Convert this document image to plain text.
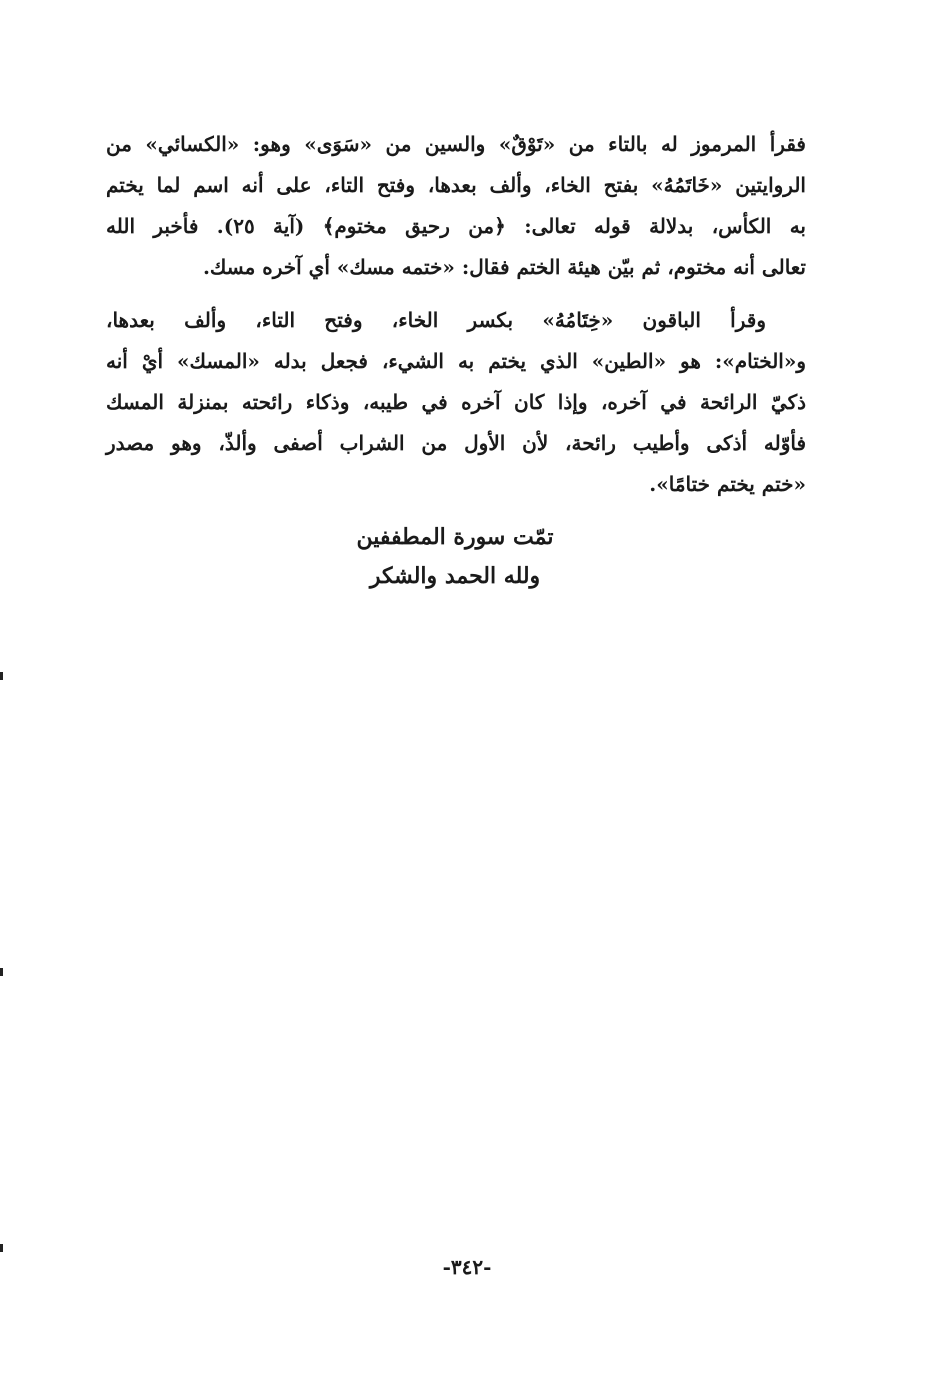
فقرأ المرموز له بالتاء من «تَوْقٌ» والسين من «سَوَى» وهو: «الكسائي» من
الروايتين «خَاتَمُهُ» بفتح الخاء، وألف بعدها، وفتح التاء، على أنه اسم لما يختم
به الكأس، بدلالة قوله تعالى: ﴿من رحيق مختوم﴾ (آية ٢٥). فأخبر الله
تعالى أنه مختوم، ثم بيّن هيئة الختم فقال: «ختمه مسك» أي آخره مسك.

وقرأ الباقون «خِتَامُهُ» بكسر الخاء، وفتح التاء، وألف بعدها،
و«الختام»: هو «الطين» الذي يختم به الشيء، فجعل بدله «المسك» أيْ أنه
ذكيّ الرائحة في آخره، وإذا كان آخره في طيبه، وذكاء رائحته بمنزلة المسك
فأوّله أذكى وأطيب رائحة، لأن الأول من الشراب أصفى وألذّ، وهو مصدر
«ختم يختم ختامًا».

تمّت سورة المطففين
ولله الحمد والشكر
-٣٤٢-
